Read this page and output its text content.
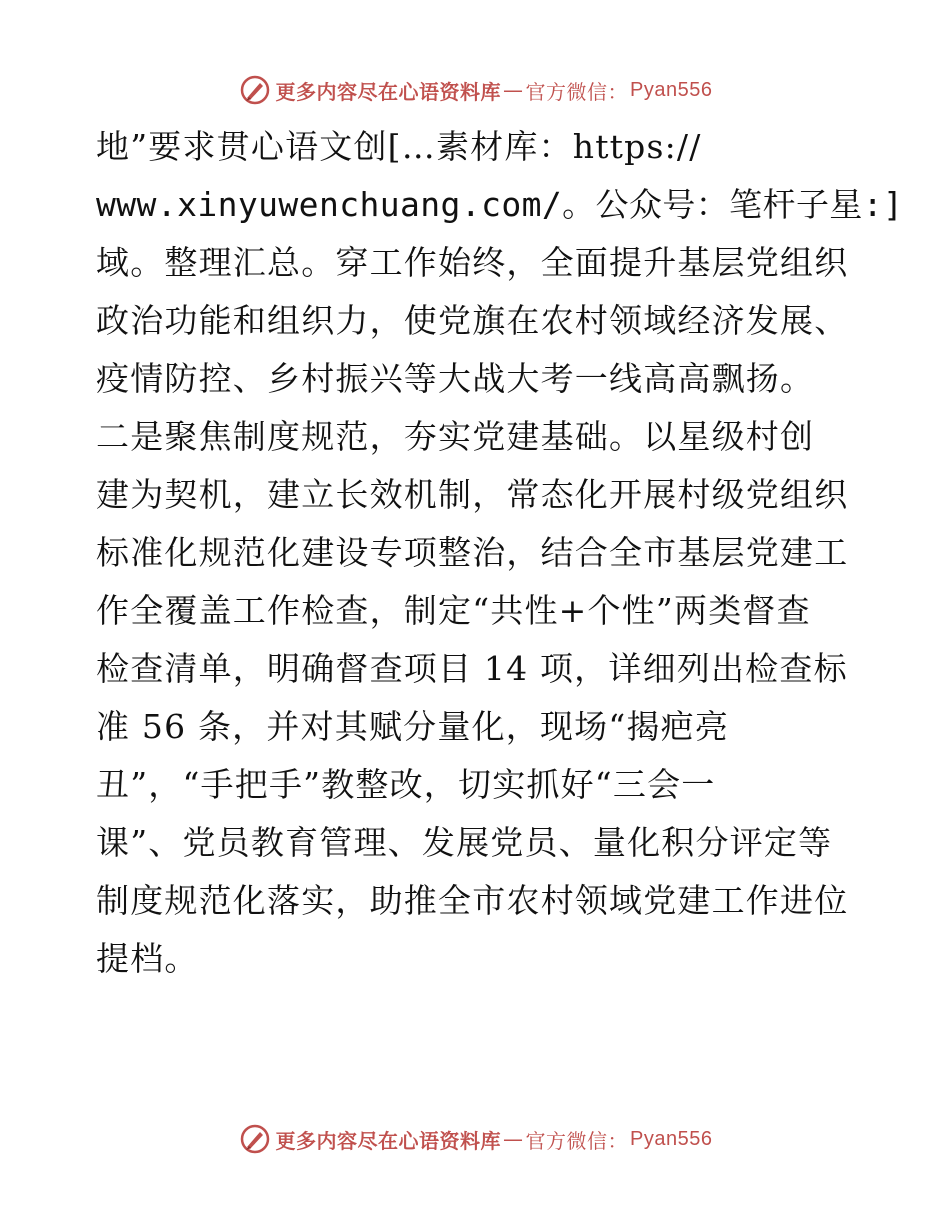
更多内容尽在心语资料库 — 官方微信： Pyan556
地”要求贯心语文创[…素材库：https://
www.xinyuwenchuang.com/。公众号：笔杆子星:]
域。整理汇总。穿工作始终，全面提升基层党组织
政治功能和组织力，使党旗在农村领域经济发展、
疫情防控、乡村振兴等大战大考一线高高飘扬。
二是聚焦制度规范，夯实党建基础。以星级村创
建为契机，建立长效机制，常态化开展村级党组织
标准化规范化建设专项整治，结合全市基层党建工
作全覆盖工作检查，制定“共性+个性”两类督查
检查清单，明确督查项目 14 项，详细列出检查标
准 56 条，并对其赋分量化，现场“揭疤亮
丑”，“手把手”教整改，切实抓好“三会一
课”、党员教育管理、发展党员、量化积分评定等
制度规范化落实，助推全市农村领域党建工作进位
提档。
更多内容尽在心语资料库 — 官方微信： Pyan556
